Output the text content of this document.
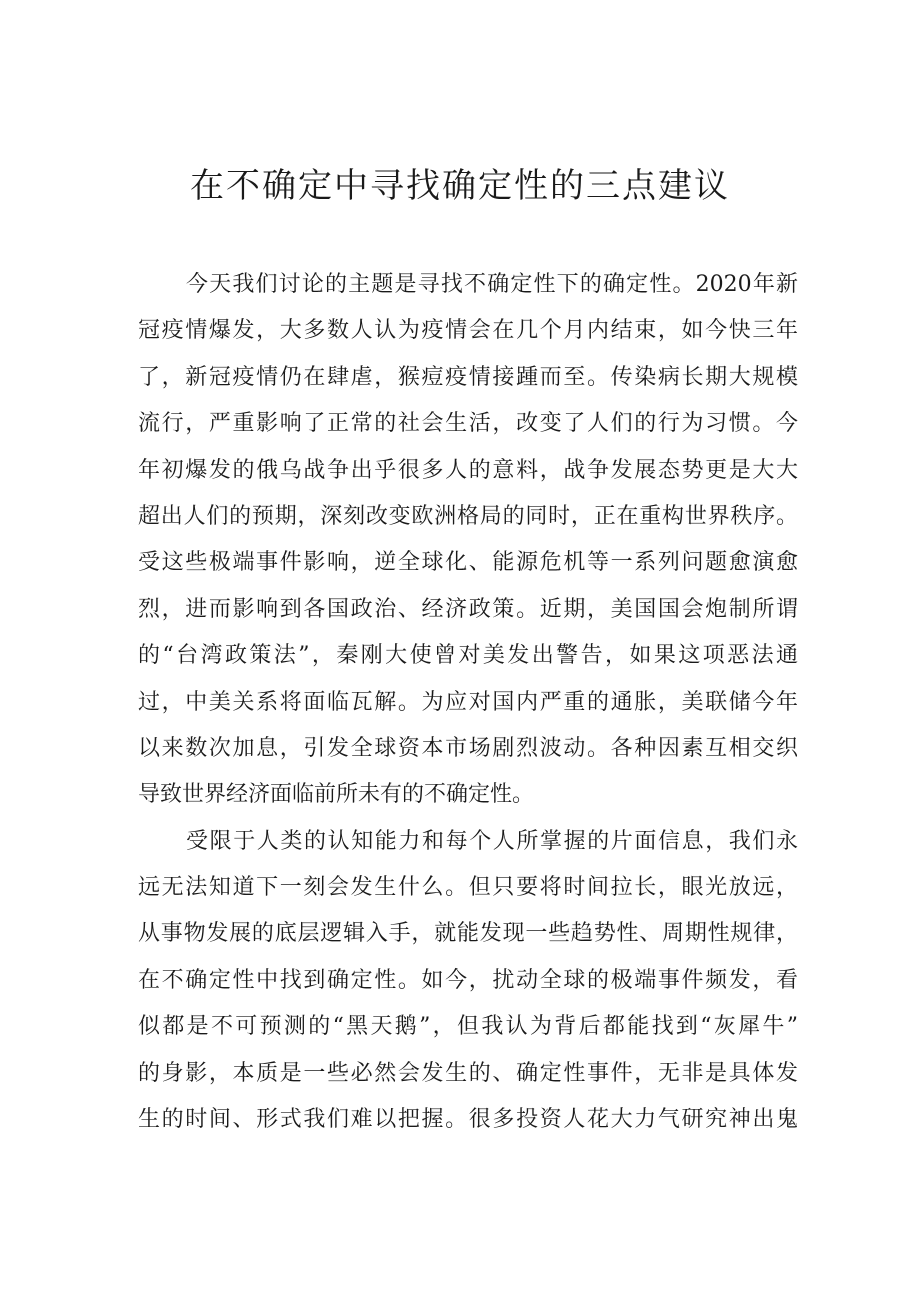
在不确定中寻找确定性的三点建议
今天我们讨论的主题是寻找不确定性下的确定性。2020年新
冠疫情爆发，大多数人认为疫情会在几个月内结束，如今快三年
了，新冠疫情仍在肆虐，猴痘疫情接踵而至。传染病长期大规模
流行，严重影响了正常的社会生活，改变了人们的行为习惯。今
年初爆发的俄乌战争出乎很多人的意料，战争发展态势更是大大
超出人们的预期，深刻改变欧洲格局的同时，正在重构世界秩序。
受这些极端事件影响，逆全球化、能源危机等一系列问题愈演愈
烈，进而影响到各国政治、经济政策。近期，美国国会炮制所谓
的“台湾政策法”，秦刚大使曾对美发出警告，如果这项恶法通
过，中美关系将面临瓦解。为应对国内严重的通胀，美联储今年
以来数次加息，引发全球资本市场剧烈波动。各种因素互相交织
导致世界经济面临前所未有的不确定性。
受限于人类的认知能力和每个人所掌握的片面信息，我们永
远无法知道下一刻会发生什么。但只要将时间拉长，眼光放远，
从事物发展的底层逻辑入手，就能发现一些趋势性、周期性规律，
在不确定性中找到确定性。如今，扰动全球的极端事件频发，看
似都是不可预测的“黑天鹅”，但我认为背后都能找到“灰犀牛”
的身影，本质是一些必然会发生的、确定性事件，无非是具体发
生的时间、形式我们难以把握。很多投资人花大力气研究神出鬼
